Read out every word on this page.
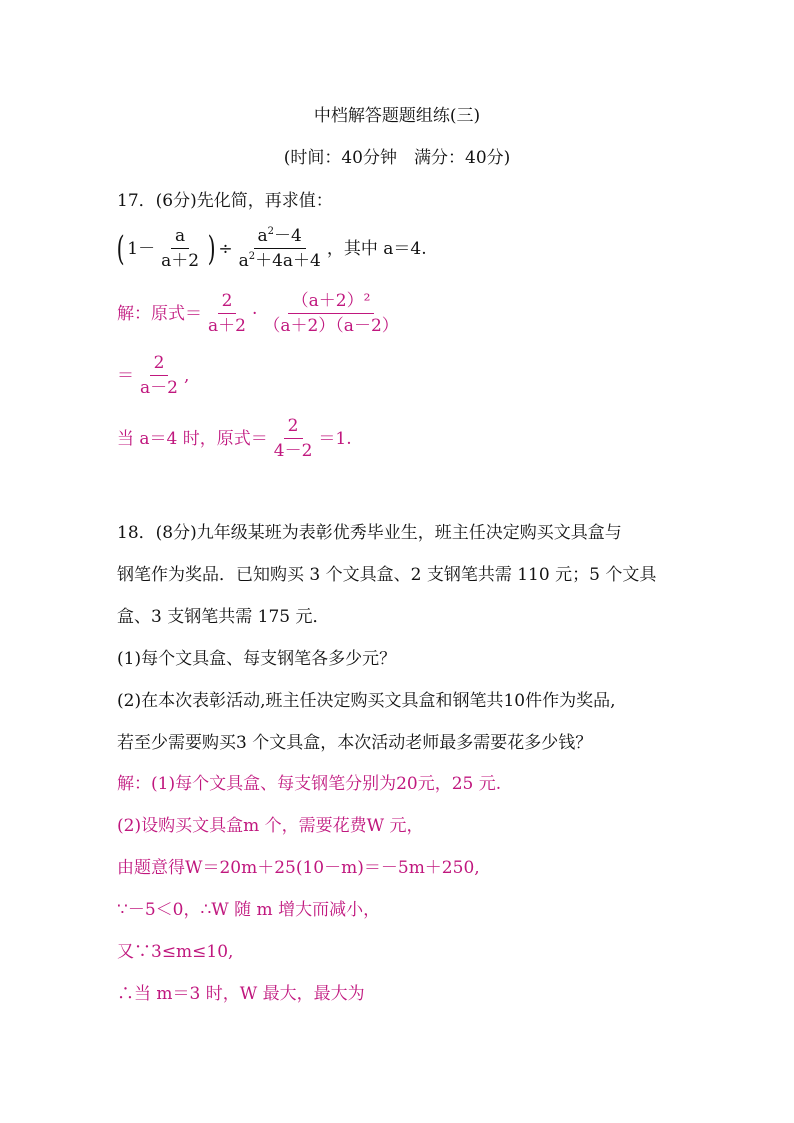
中档解答题题组练(三)
(时间：40分钟　满分：40分)
17．(6分)先化简，再求值：
( $1- \frac{a}{a+2}$ ) ÷ $\frac{a^2-4}{a^2+4a+4}$ ，其中 a＝4.
解：原式＝ $\frac{2}{a+2} \cdot \frac{\text{（a＋2）²}}{(a+2)(a-2)}$
＝ $\frac{2}{a-2}$ ,
当 a＝4 时，原式＝ $\frac{2}{4-2} =1$.
18．(8分)九年级某班为表彰优秀毕业生，班主任决定购买文具盒与
钢笔作为奖品．已知购买 3 个文具盒、2 支钢笔共需 110 元；5 个文具
盒、3 支钢笔共需 175 元．
(1)每个文具盒、每支钢笔各多少元？
(2)在本次表彰活动,班主任决定购买文具盒和钢笔共10件作为奖品,
若至少需要购买3 个文具盒，本次活动老师最多需要花多少钱？
解：(1)每个文具盒、每支钢笔分别为20元，25 元.
(2)设购买文具盒m 个，需要花费W 元，
由题意得W＝20m＋25(10－m)＝－5m＋250,
∵－5＜0，∴W 随 m 增大而减小，
又∵3≤m≤10,
∴当 m＝3 时，W 最大，最大为
